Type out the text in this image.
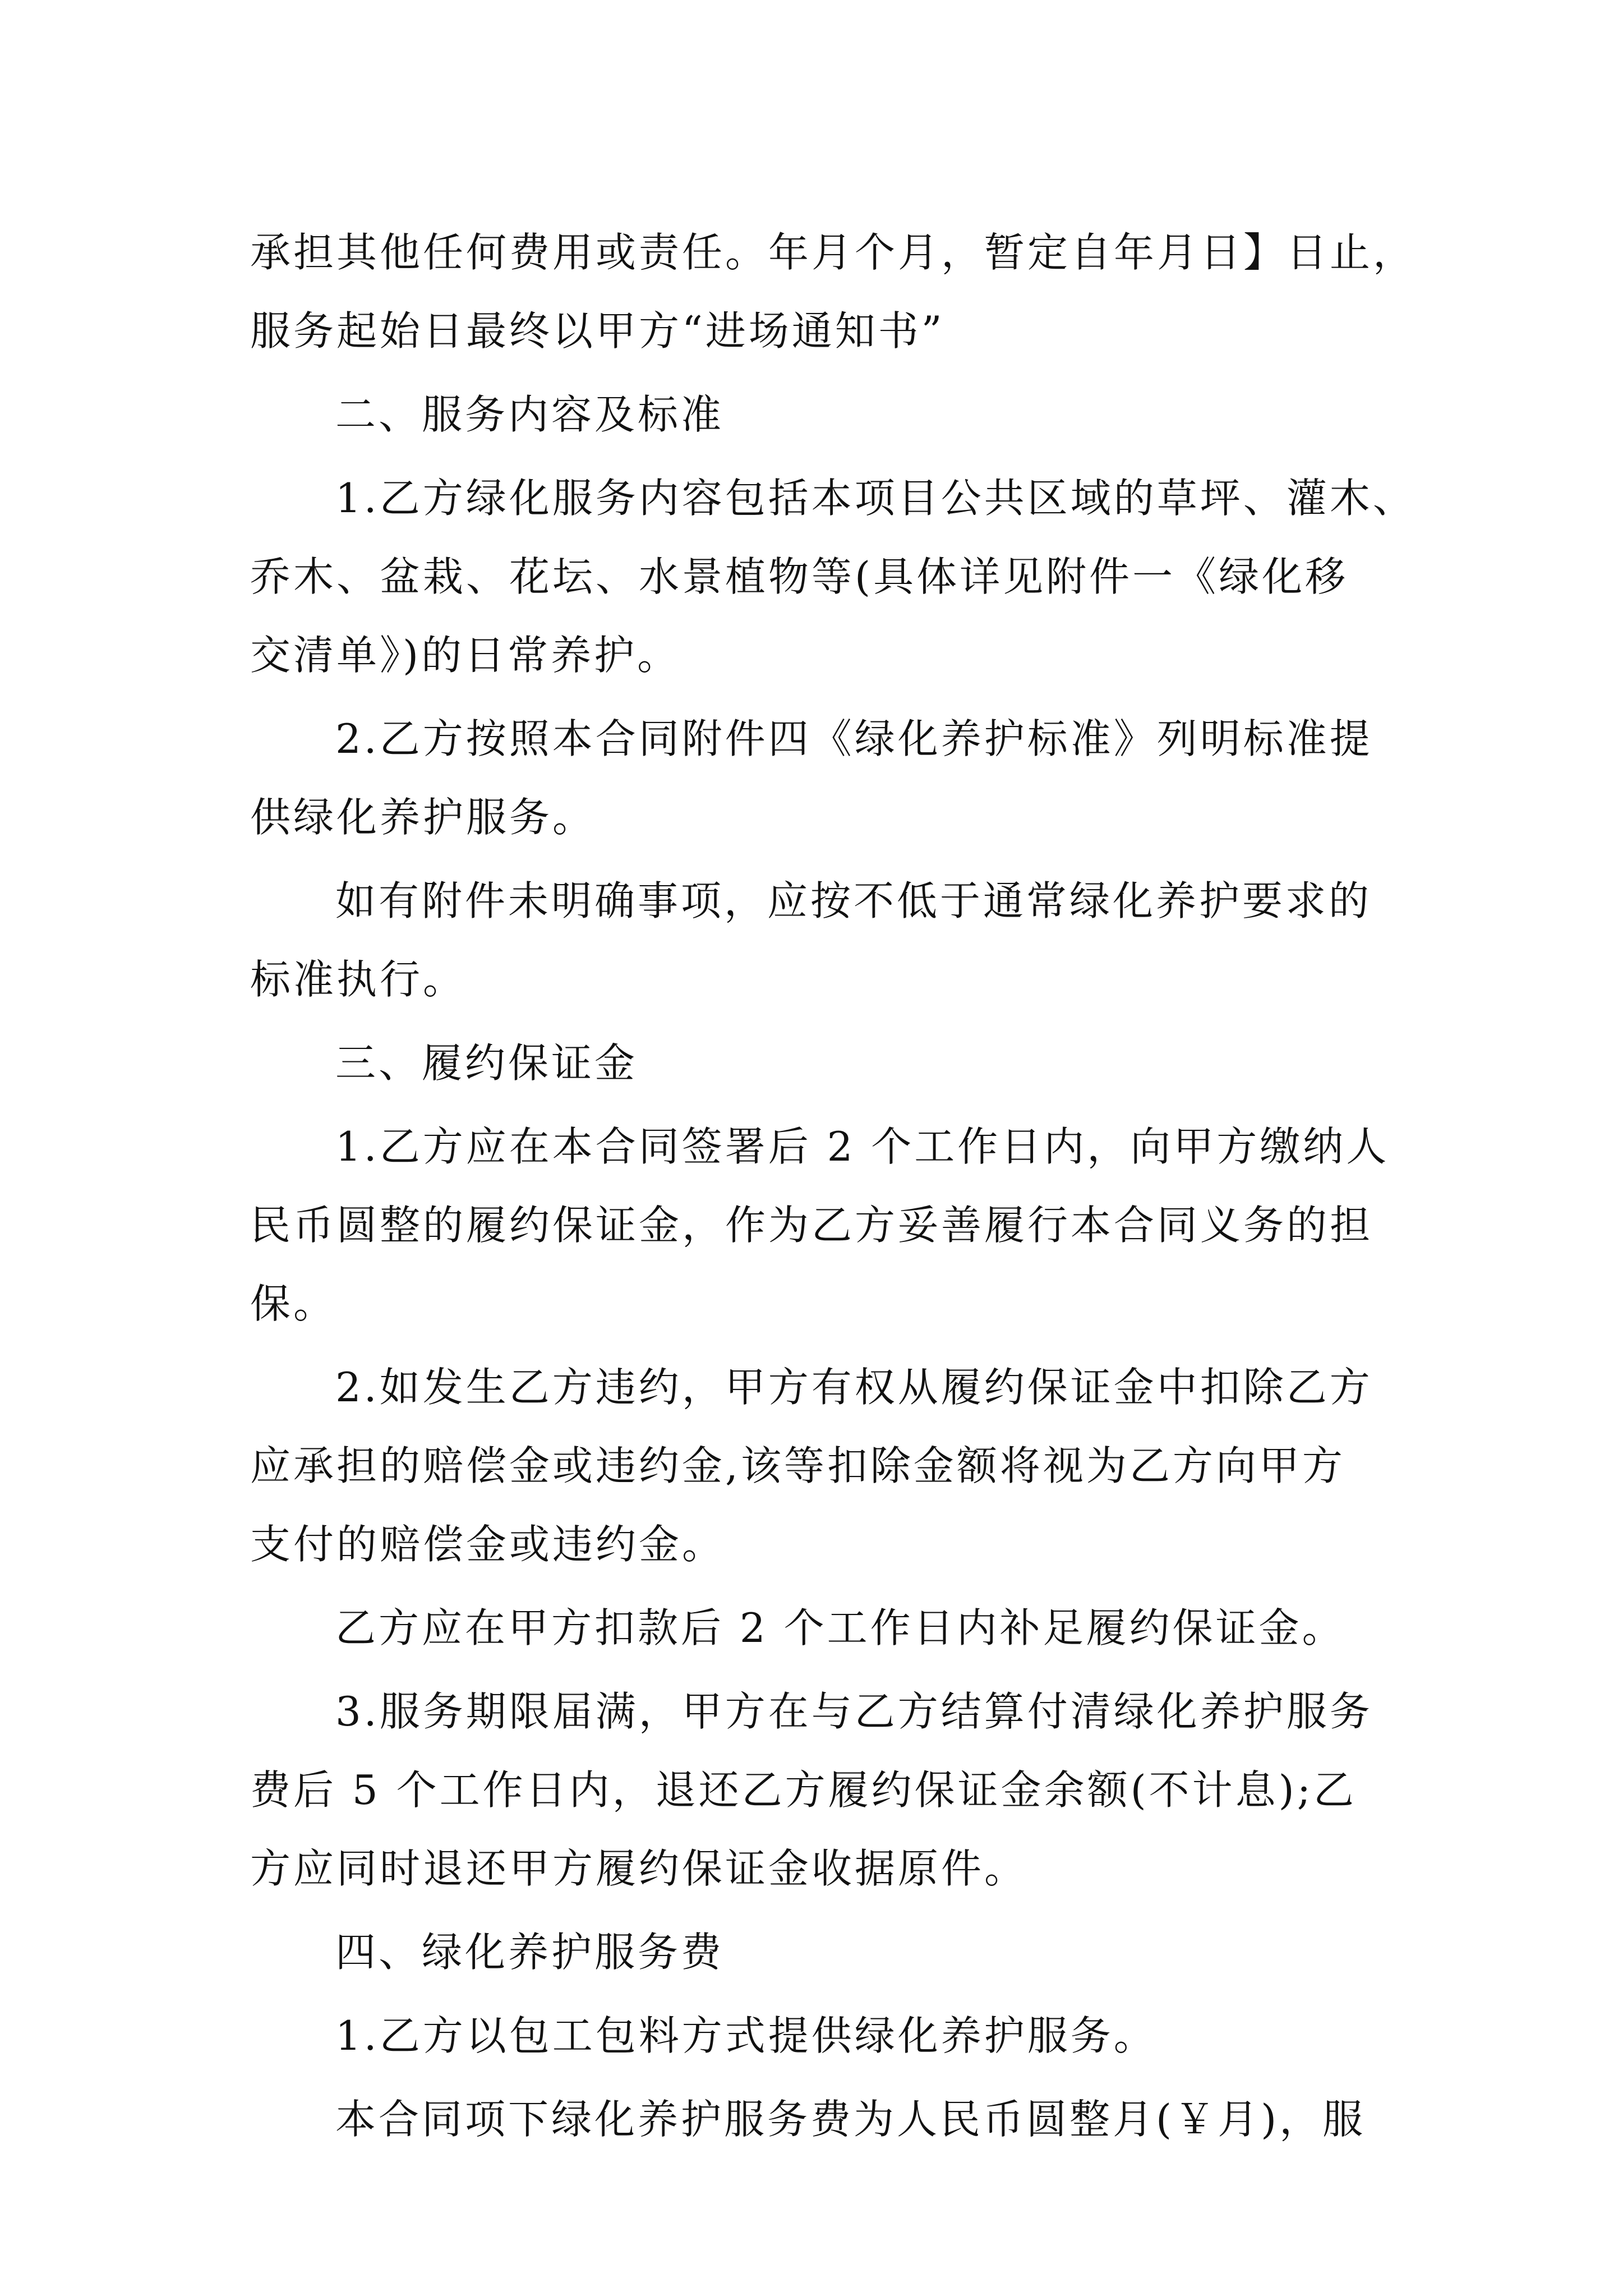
承担其他任何费用或责任。年月个月，暂定自年月日】日止，
服务起始日最终以甲方“进场通知书”
二、服务内容及标准
1.乙方绿化服务内容包括本项目公共区域的草坪、灌木、
乔木、盆栽、花坛、水景植物等(具体详见附件一《绿化移
交清单》)的日常养护。
2.乙方按照本合同附件四《绿化养护标准》列明标准提
供绿化养护服务。
如有附件未明确事项，应按不低于通常绿化养护要求的
标准执行。
三、履约保证金
1.乙方应在本合同签署后 2 个工作日内，向甲方缴纳人
民币圆整的履约保证金，作为乙方妥善履行本合同义务的担
保。
2.如发生乙方违约，甲方有权从履约保证金中扣除乙方
应承担的赔偿金或违约金,该等扣除金额将视为乙方向甲方
支付的赔偿金或违约金。
乙方应在甲方扣款后 2 个工作日内补足履约保证金。
3.服务期限届满，甲方在与乙方结算付清绿化养护服务
费后 5 个工作日内，退还乙方履约保证金余额(不计息);乙
方应同时退还甲方履约保证金收据原件。
四、绿化养护服务费
1.乙方以包工包料方式提供绿化养护服务。
本合同项下绿化养护服务费为人民币圆整月(￥月)，服
